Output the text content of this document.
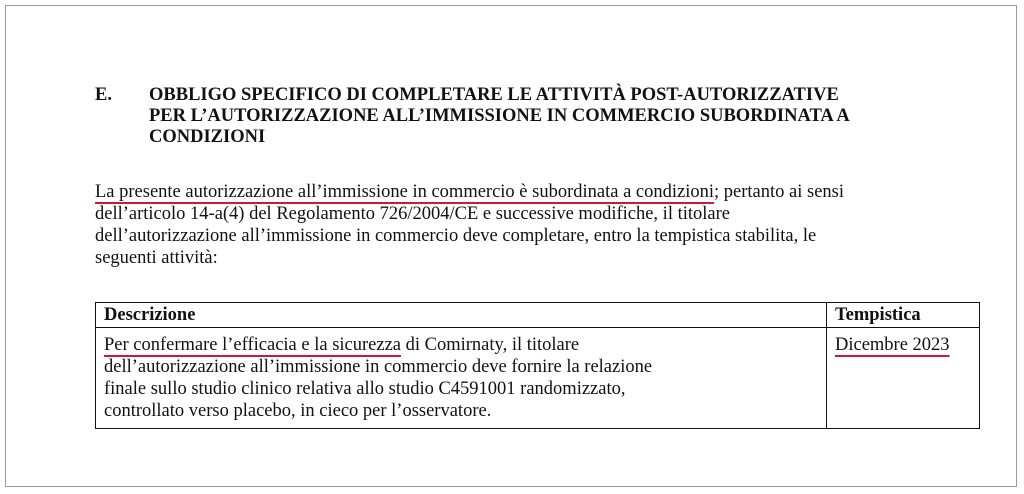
E. OBBLIGO SPECIFICO DI COMPLETARE LE ATTIVITÀ POST-AUTORIZZATIVE
PER L’AUTORIZZAZIONE ALL’IMMISSIONE IN COMMERCIO SUBORDINATA A
CONDIZIONI
La presente autorizzazione all’immissione in commercio è subordinata a condizioni; pertanto ai sensi
dell’articolo 14-a(4) del Regolamento 726/2004/CE e successive modifiche, il titolare
dell’autorizzazione all’immissione in commercio deve completare, entro la tempistica stabilita, le
seguenti attività:
Descrizione	Tempistica

Per confermare l’efficacia e la sicurezza di Comirnaty, il titolare
dell’autorizzazione all’immissione in commercio deve fornire la relazione
finale sullo studio clinico relativa allo studio C4591001 randomizzato,
controllato verso placebo, in cieco per l’osservatore.	Dicembre 2023
